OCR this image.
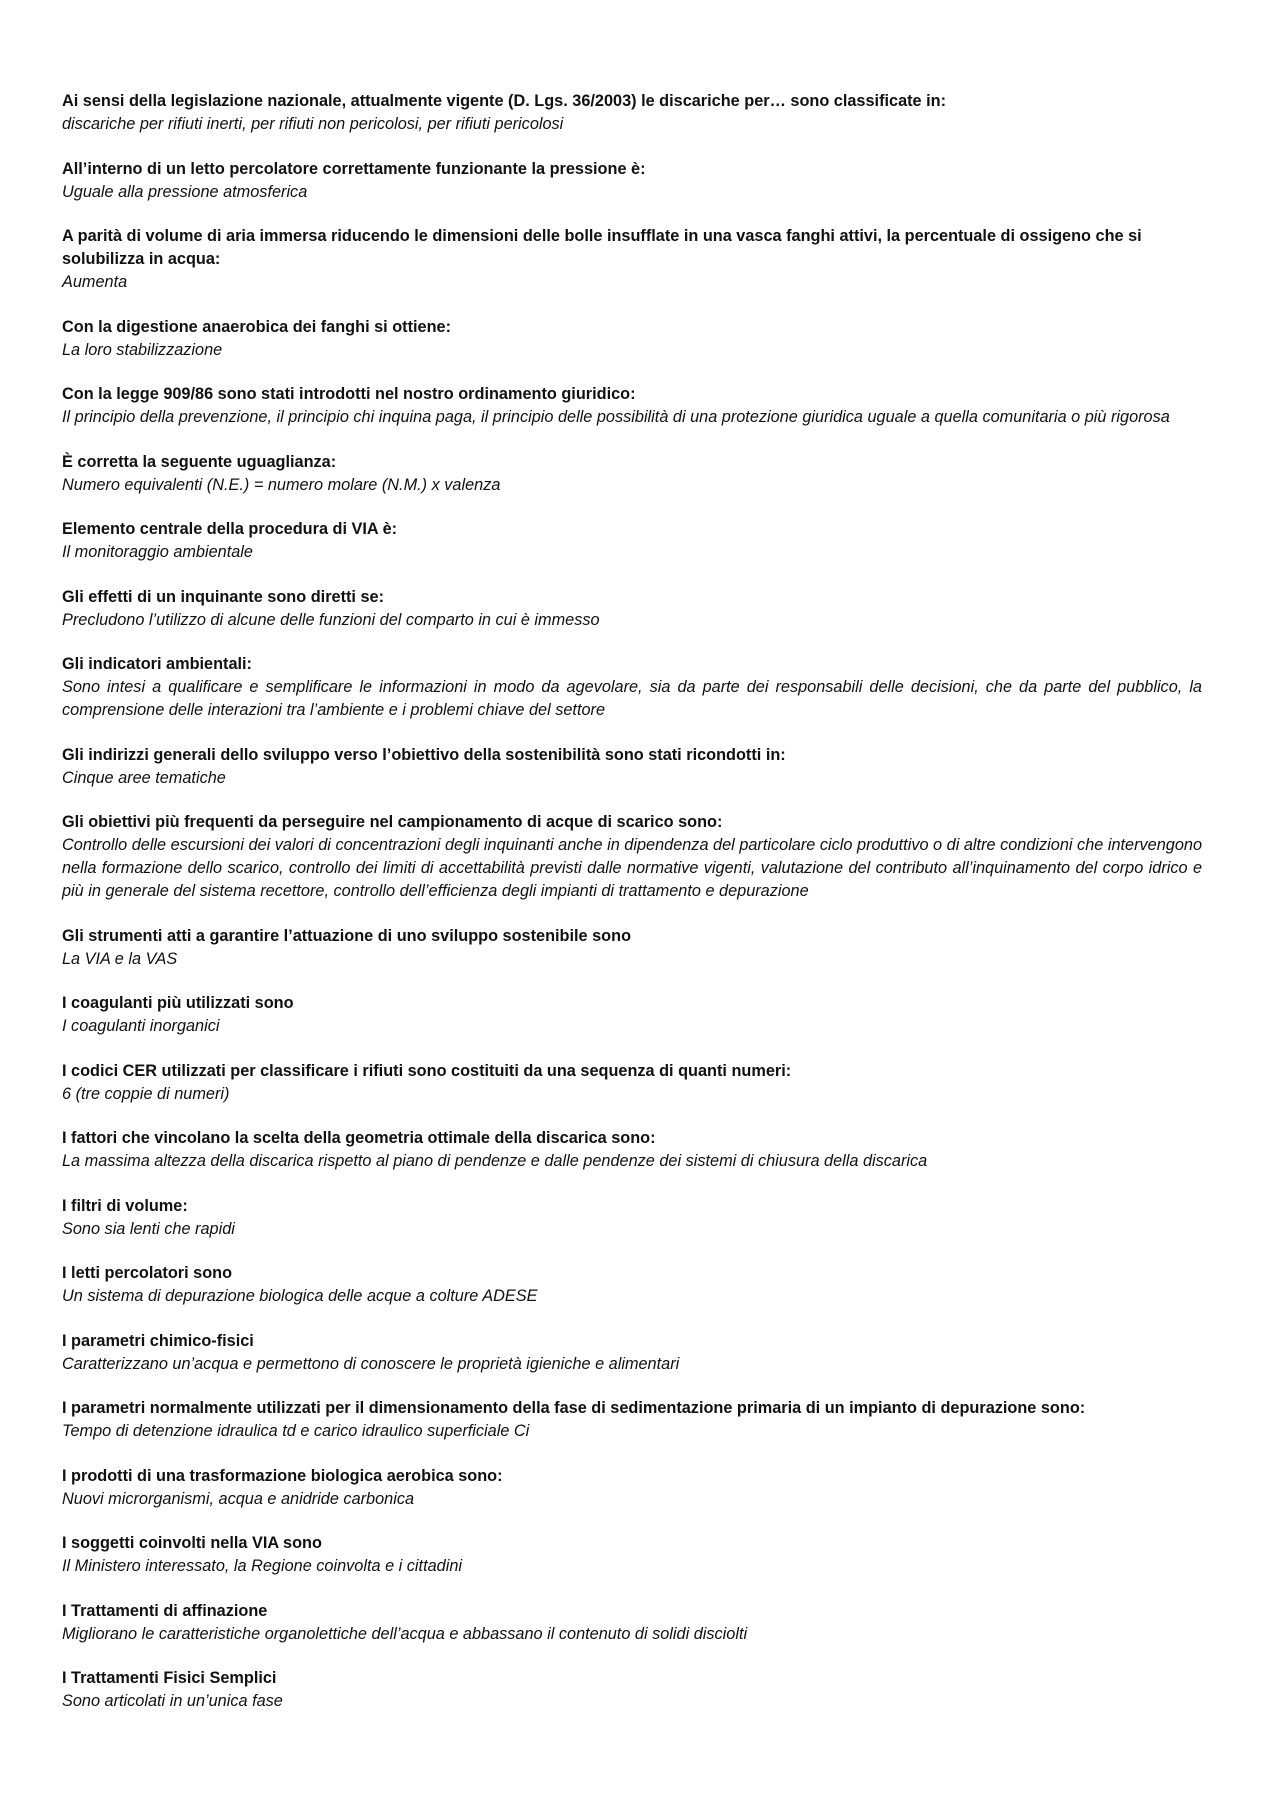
Ai sensi della legislazione nazionale, attualmente vigente (D. Lgs. 36/2003) le discariche per… sono classificate in:

discariche per rifiuti inerti, per rifiuti non pericolosi, per rifiuti pericolosi

All’interno di un letto percolatore correttamente funzionante la pressione è:

Uguale alla pressione atmosferica

A parità di volume di aria immersa riducendo le dimensioni delle bolle insufflate in una vasca fanghi attivi, la percentuale di ossigeno che si solubilizza in acqua:

Aumenta

Con la digestione anaerobica dei fanghi si ottiene:

La loro stabilizzazione

Con la legge 909/86 sono stati introdotti nel nostro ordinamento giuridico:

Il principio della prevenzione, il principio chi inquina paga, il principio delle possibilità di una protezione giuridica uguale a quella comunitaria o più rigorosa

È corretta la seguente uguaglianza:

Numero equivalenti (N.E.) = numero molare (N.M.) x valenza

Elemento centrale della procedura di VIA è:

Il monitoraggio ambientale

Gli effetti di un inquinante sono diretti se:

Precludono l’utilizzo di alcune delle funzioni del comparto in cui è immesso

Gli indicatori ambientali:

Sono intesi a qualificare e semplificare le informazioni in modo da agevolare, sia da parte dei responsabili delle decisioni, che da parte del pubblico, la comprensione delle interazioni tra l’ambiente e i problemi chiave del settore

Gli indirizzi generali dello sviluppo verso l’obiettivo della sostenibilità sono stati ricondotti in:

Cinque aree tematiche

Gli obiettivi più frequenti da perseguire nel campionamento di acque di scarico sono:

Controllo delle escursioni dei valori di concentrazioni degli inquinanti anche in dipendenza del particolare ciclo produttivo o di altre condizioni che intervengono nella formazione dello scarico, controllo dei limiti di accettabilità previsti dalle normative vigenti, valutazione del contributo all’inquinamento del corpo idrico e più in generale del sistema recettore, controllo dell’efficienza degli impianti di trattamento e depurazione

Gli strumenti atti a garantire l’attuazione di uno sviluppo sostenibile sono

La VIA e la VAS

I coagulanti più utilizzati sono

I coagulanti inorganici

I codici CER utilizzati per classificare i rifiuti sono costituiti da una sequenza di quanti numeri:

6 (tre coppie di numeri)

I fattori che vincolano la scelta della geometria ottimale della discarica sono:

La massima altezza della discarica rispetto al piano di pendenze e dalle pendenze dei sistemi di chiusura della discarica

I filtri di volume:

Sono sia lenti che rapidi

I letti percolatori sono

Un sistema di depurazione biologica delle acque a colture ADESE

I parametri chimico-fisici

Caratterizzano un’acqua e permettono di conoscere le proprietà igieniche e alimentari

I parametri normalmente utilizzati per il dimensionamento della fase di sedimentazione primaria di un impianto di depurazione sono:

Tempo di detenzione idraulica td e carico idraulico superficiale Ci

I prodotti di una trasformazione biologica aerobica sono:

Nuovi microrganismi, acqua e anidride carbonica

I soggetti coinvolti nella VIA sono

Il Ministero interessato, la Regione coinvolta e i cittadini

I Trattamenti di affinazione

Migliorano le caratteristiche organolettiche dell’acqua e abbassano il contenuto di solidi disciolti

I Trattamenti Fisici Semplici

Sono articolati in un’unica fase
